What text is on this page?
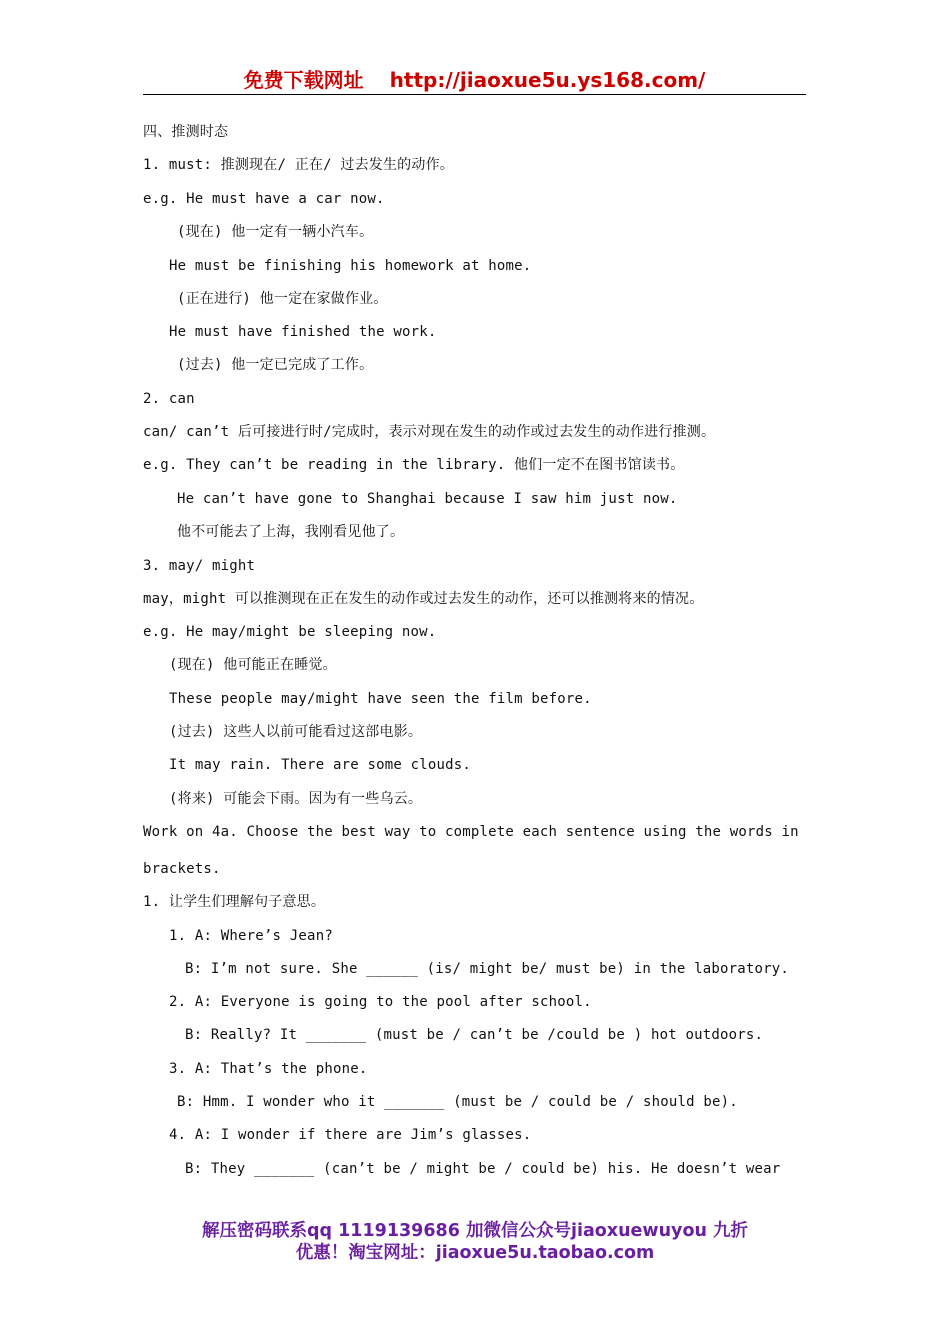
免费下载网址 http://jiaoxue5u.ys168.com/
四、推测时态
1. must: 推测现在/ 正在/ 过去发生的动作。
e.g. He must have a car now.
(现在) 他一定有一辆小汽车。
He must be finishing his homework at home.
(正在进行) 他一定在家做作业。
He must have finished the work.
(过去) 他一定已完成了工作。
2. can
can/ can’t 后可接进行时/完成时，表示对现在发生的动作或过去发生的动作进行推测。
e.g. They can’t be reading in the library. 他们一定不在图书馆读书。
He can’t have gone to Shanghai because I saw him just now.
他不可能去了上海，我刚看见他了。
3. may/ might
may，might 可以推测现在正在发生的动作或过去发生的动作，还可以推测将来的情况。
e.g. He may/might be sleeping now.
(现在) 他可能正在睡觉。
These people may/might have seen the film before.
(过去) 这些人以前可能看过这部电影。
It may rain. There are some clouds.
(将来) 可能会下雨。因为有一些乌云。
Work on 4a. Choose the best way to complete each sentence using the words in
brackets.
1. 让学生们理解句子意思。
1. A: Where’s Jean?
B: I’m not sure. She ______ (is/ might be/ must be) in the laboratory.
2. A: Everyone is going to the pool after school.
B: Really? It _______ (must be / can’t be /could be ) hot outdoors.
3. A: That’s the phone.
B: Hmm. I wonder who it _______ (must be / could be / should be).
4. A: I wonder if there are Jim’s glasses.
B: They _______ (can’t be / might be / could be) his. He doesn’t wear
解压密码联系qq 1119139686 加微信公众号jiaoxuewuyou 九折
优惠！淘宝网址：jiaoxue5u.taobao.com
